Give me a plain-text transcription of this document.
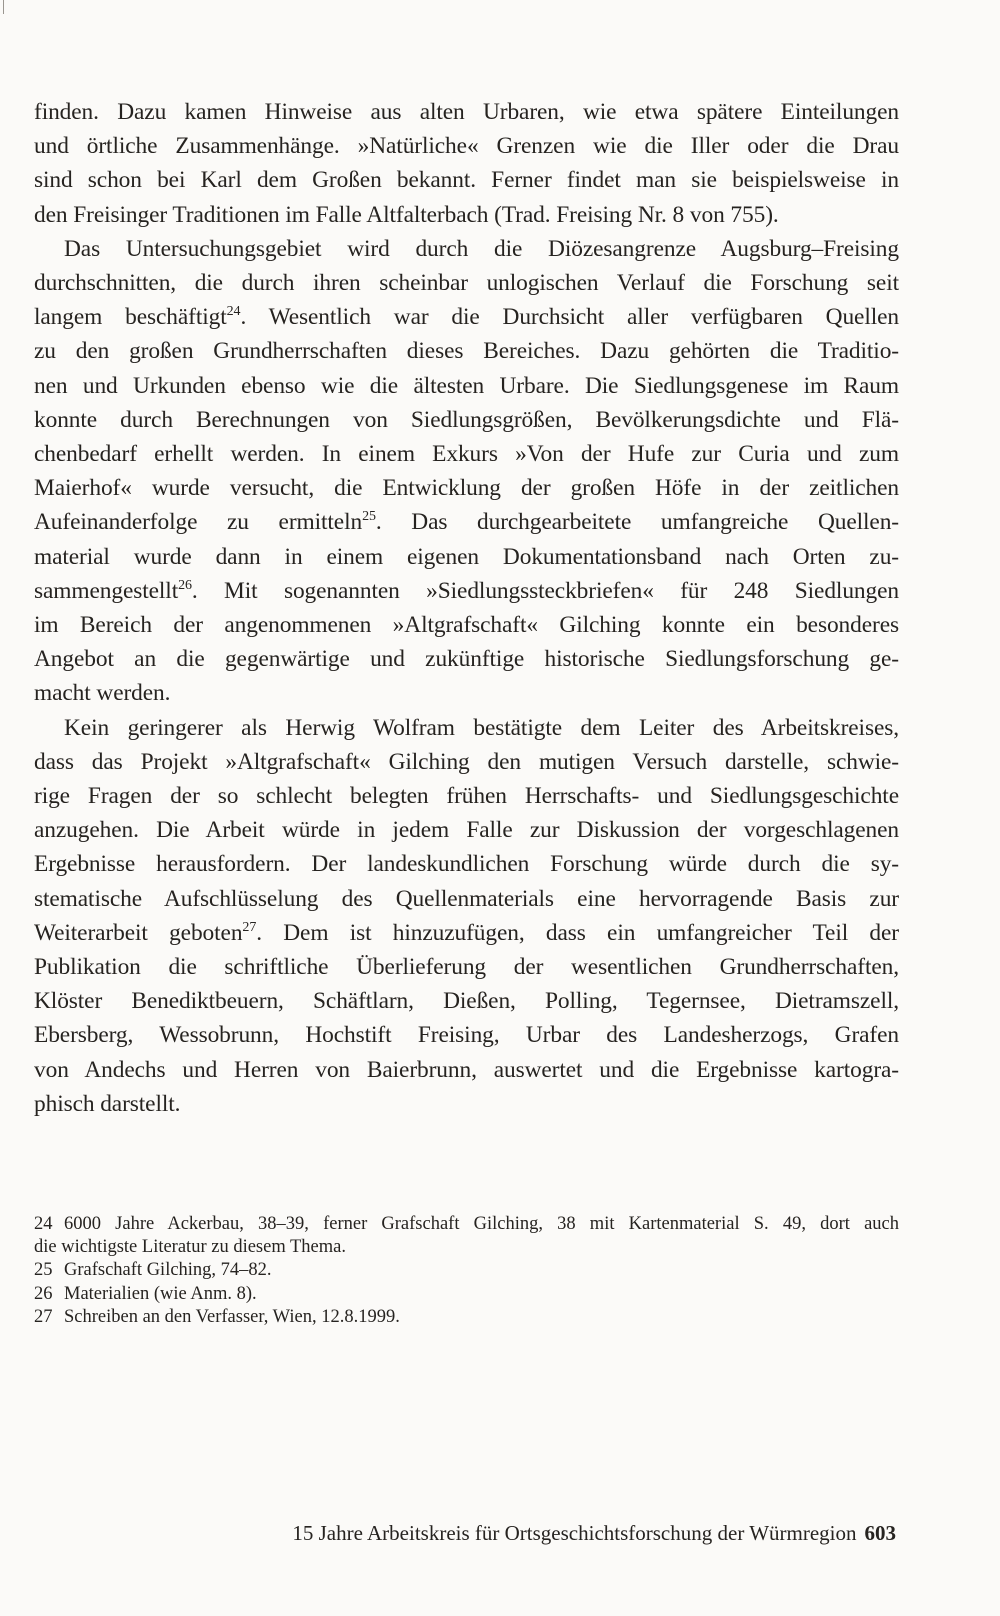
finden. Dazu kamen Hinweise aus alten Urbaren, wie etwa spätere Einteilungen
und örtliche Zusammenhänge. »Natürliche« Grenzen wie die Iller oder die Drau
sind schon bei Karl dem Großen bekannt. Ferner findet man sie beispielsweise in
den Freisinger Traditionen im Falle Altfalterbach (Trad. Freising Nr. 8 von 755).
Das Untersuchungsgebiet wird durch die Diözesangrenze Augsburg–Freising
durchschnitten, die durch ihren scheinbar unlogischen Verlauf die Forschung seit
langem beschäftigt$^{24}$. Wesentlich war die Durchsicht aller verfügbaren Quellen
zu den großen Grundherrschaften dieses Bereiches. Dazu gehörten die Traditio-
nen und Urkunden ebenso wie die ältesten Urbare. Die Siedlungsgenese im Raum
konnte durch Berechnungen von Siedlungsgrößen, Bevölkerungsdichte und Flä-
chenbedarf erhellt werden. In einem Exkurs »Von der Hufe zur Curia und zum
Maierhof« wurde versucht, die Entwicklung der großen Höfe in der zeitlichen
Aufeinanderfolge zu ermitteln$^{25}$. Das durchgearbeitete umfangreiche Quellen-
material wurde dann in einem eigenen Dokumentationsband nach Orten zu-
sammengestellt$^{26}$. Mit sogenannten »Siedlungssteckbriefen« für 248 Siedlungen
im Bereich der angenommenen »Altgrafschaft« Gilching konnte ein besonderes
Angebot an die gegenwärtige und zukünftige historische Siedlungsforschung ge-
macht werden.
Kein geringerer als Herwig Wolfram bestätigte dem Leiter des Arbeitskreises,
dass das Projekt »Altgrafschaft« Gilching den mutigen Versuch darstelle, schwie-
rige Fragen der so schlecht belegten frühen Herrschafts- und Siedlungsgeschichte
anzugehen. Die Arbeit würde in jedem Falle zur Diskussion der vorgeschlagenen
Ergebnisse herausfordern. Der landeskundlichen Forschung würde durch die sy-
stematische Aufschlüsselung des Quellenmaterials eine hervorragende Basis zur
Weiterarbeit geboten$^{27}$. Dem ist hinzuzufügen, dass ein umfangreicher Teil der
Publikation die schriftliche Überlieferung der wesentlichen Grundherrschaften,
Klöster Benediktbeuern, Schäftlarn, Dießen, Polling, Tegernsee, Dietramszell,
Ebersberg, Wessobrunn, Hochstift Freising, Urbar des Landesherzogs, Grafen
von Andechs und Herren von Baierbrunn, auswertet und die Ergebnisse kartogra-
phisch darstellt.
24 6000 Jahre Ackerbau, 38–39, ferner Grafschaft Gilching, 38 mit Kartenmaterial S. 49, dort auch
die wichtigste Literatur zu diesem Thema.
25 Grafschaft Gilching, 74–82.
26 Materialien (wie Anm. 8).
27 Schreiben an den Verfasser, Wien, 12.8.1999.
15 Jahre Arbeitskreis für Ortsgeschichtsforschung der Würmregion 603
